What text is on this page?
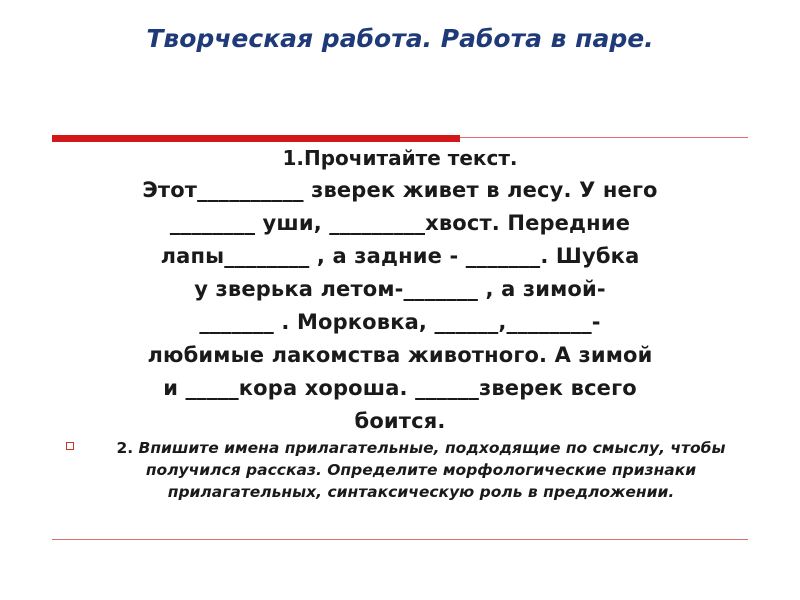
Творческая работа. Работа в паре.
1.Прочитайте текст.
Этот__________ зверек живет в лесу. У него
________ уши, _________хвост. Передние
лапы________ , а задние - _______. Шубка
у зверька летом-_______ , а зимой-
_______ . Морковка, ______,________-
любимые лакомства животного. А зимой
и _____кора хороша. ______зверек всего
боится.
2. Впишите имена прилагательные, подходящие по смыслу, чтобы получился рассказ. Определите морфологические признаки прилагательных, синтаксическую роль в предложении.
